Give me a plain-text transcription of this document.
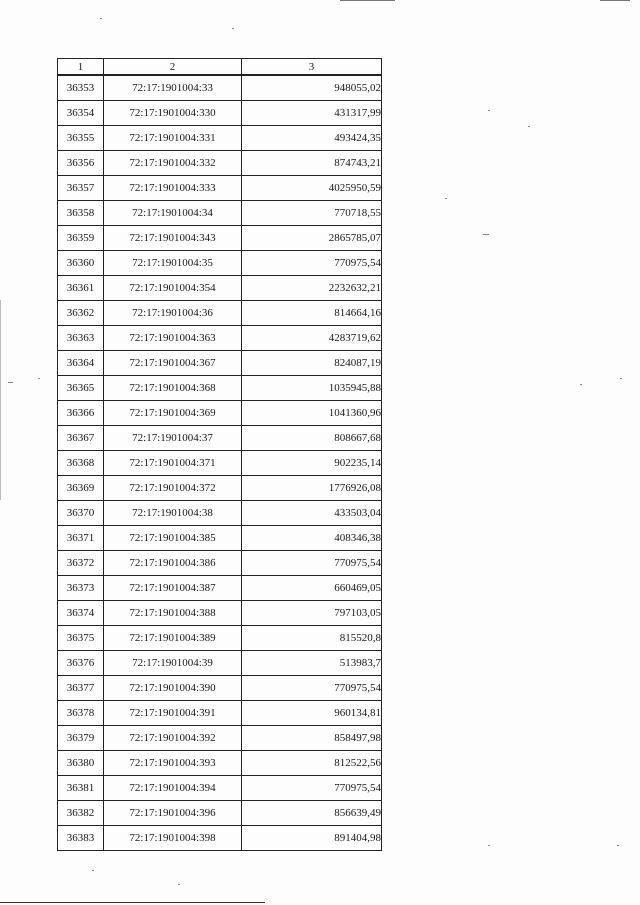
1	2	3
36353	72:17:1901004:33	948055,02
36354	72:17:1901004:330	431317,99
36355	72:17:1901004:331	493424,35
36356	72:17:1901004:332	874743,21
36357	72:17:1901004:333	4025950,59
36358	72:17:1901004:34	770718,55
36359	72:17:1901004:343	2865785,07
36360	72:17:1901004:35	770975,54
36361	72:17:1901004:354	2232632,21
36362	72:17:1901004:36	814664,16
36363	72:17:1901004:363	4283719,62
36364	72:17:1901004:367	824087,19
36365	72:17:1901004:368	1035945,88
36366	72:17:1901004:369	1041360,96
36367	72:17:1901004:37	808667,68
36368	72:17:1901004:371	902235,14
36369	72:17:1901004:372	1776926,08
36370	72:17:1901004:38	433503,04
36371	72:17:1901004:385	408346,38
36372	72:17:1901004:386	770975,54
36373	72:17:1901004:387	660469,05
36374	72:17:1901004:388	797103,05
36375	72:17:1901004:389	815520,8
36376	72:17:1901004:39	513983,7
36377	72:17:1901004:390	770975,54
36378	72:17:1901004:391	960134,81
36379	72:17:1901004:392	858497,98
36380	72:17:1901004:393	812522,56
36381	72:17:1901004:394	770975,54
36382	72:17:1901004:396	856639,49
36383	72:17:1901004:398	891404,98
